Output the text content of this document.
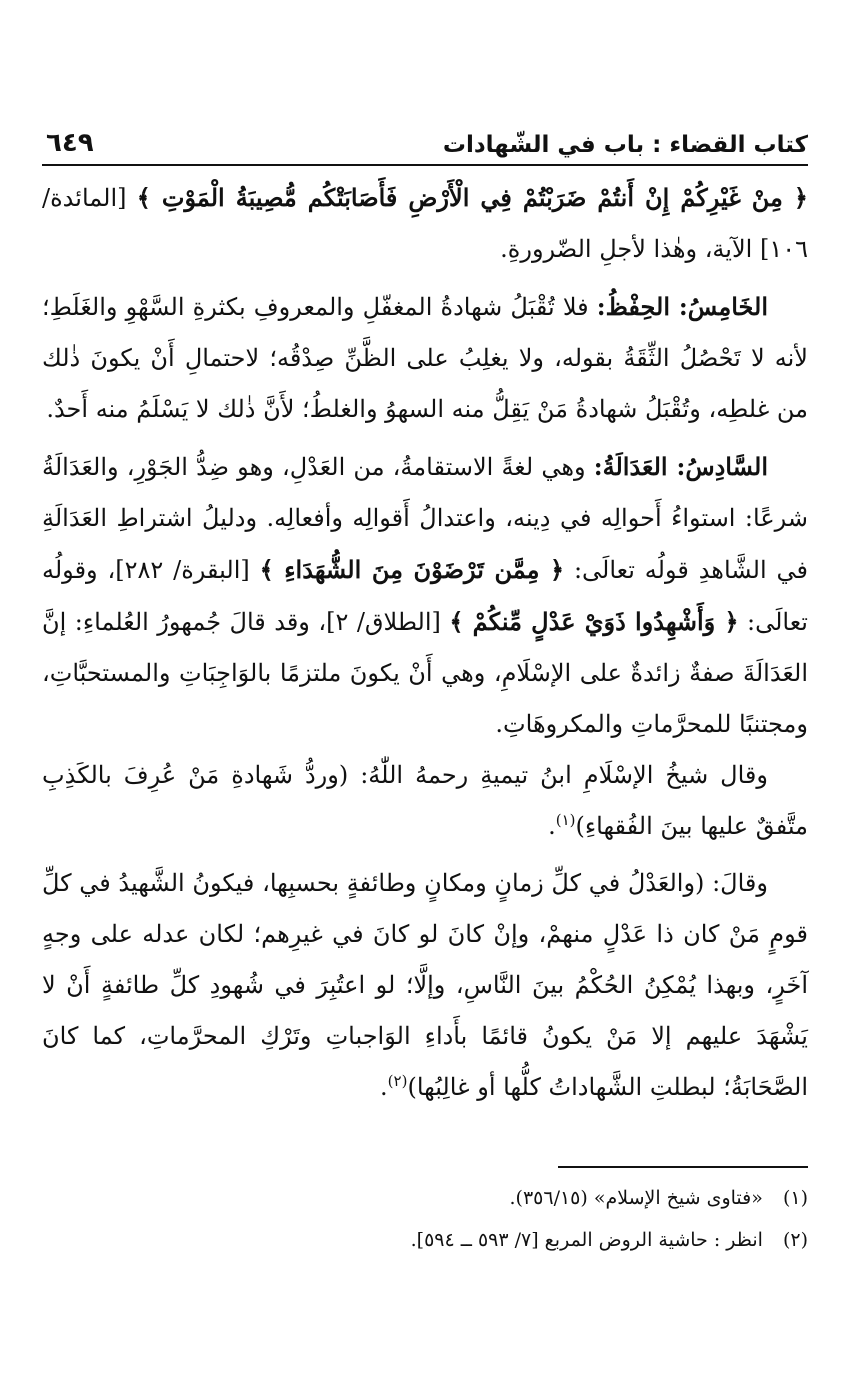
كتاب القضاء : باب في الشّهادات
٦٤٩

﴿ مِنْ غَيْرِكُمْ إِنْ أَنتُمْ ضَرَبْتُمْ فِي الْأَرْضِ فَأَصَابَتْكُم مُّصِيبَةُ الْمَوْتِ ﴾ [المائدة/ ١٠٦] الآية، وهٰذا لأجلِ الضّرورةِ.

الخَامِسُ: الحِفْظُ: فلا تُقْبَلُ شهادةُ المغفّلِ والمعروفِ بكثرةِ السَّهْوِ والغَلَطِ؛ لأنه لا تَحْصُلُ الثِّقَةُ بقوله، ولا يغلِبُ على الظَّنِّ صِدْقُه؛ لاحتمالِ أَنْ يكونَ ذٰلك من غلطِه، وتُقْبَلُ شهادةُ مَنْ يَقِلُّ منه السهوُ والغلطُ؛ لأَنَّ ذٰلك لا يَسْلَمُ منه أَحدٌ.

السَّادِسُ: العَدَالَةُ: وهي لغةً الاستقامةُ، من العَدْلِ، وهو ضِدُّ الجَوْرِ، والعَدَالَةُ شرعًا: استواءُ أَحوالِه في دِينه، واعتدالُ أَقوالِه وأفعالِه. ودليلُ اشتراطِ العَدَالَةِ في الشَّاهدِ قولُه تعالَى: ﴿ مِمَّن تَرْضَوْنَ مِنَ الشُّهَدَاءِ ﴾ [البقرة/ ٢٨٢]، وقولُه تعالَى: ﴿ وَأَشْهِدُوا ذَوَيْ عَدْلٍ مِّنكُمْ ﴾ [الطلاق/ ٢]، وقد قالَ جُمهورُ العُلماءِ: إنَّ العَدَالَةَ صفةٌ زائدةٌ على الإسْلَامِ، وهي أَنْ يكونَ ملتزمًا بالوَاجِبَاتِ والمستحبَّاتِ، ومجتنبًا للمحرَّماتِ والمكروهَاتِ.

وقال شيخُ الإسْلَامِ ابنُ تيميةِ رحمهُ اللّٰهُ: (وردُّ شَهادةِ مَنْ عُرِفَ بالكَذِبِ متَّفقٌ عليها بينَ الفُقهاءِ)$^{(١)}$.

وقالَ: (والعَدْلُ في كلِّ زمانٍ ومكانٍ وطائفةٍ بحسبِها، فيكونُ الشَّهيدُ في كلِّ قومٍ مَنْ كان ذا عَدْلٍ منهمْ، وإنْ كانَ لو كانَ في غيرِهم؛ لكان عدله على وجهٍ آخَرٍ، وبهذا يُمْكِنُ الحُكْمُ بينَ النَّاسِ، وإلَّا؛ لو اعتُبِرَ في شُهودِ كلِّ طائفةٍ أَنْ لا يَشْهَدَ عليهم إلا مَنْ يكونُ قائمًا بأَداءِ الوَاجباتِ وتَرْكِ المحرَّماتِ، كما كانَ الصَّحَابَةُ؛ لبطلتِ الشَّهاداتُ كلُّها أو غالِبُها)$^{(٢)}$.

(١) «فتاوى شيخ الإسلام» (٣٥٦/١٥).

(٢) انظر : حاشية الروض المربع [٧/ ٥٩٣ ــ ٥٩٤].
